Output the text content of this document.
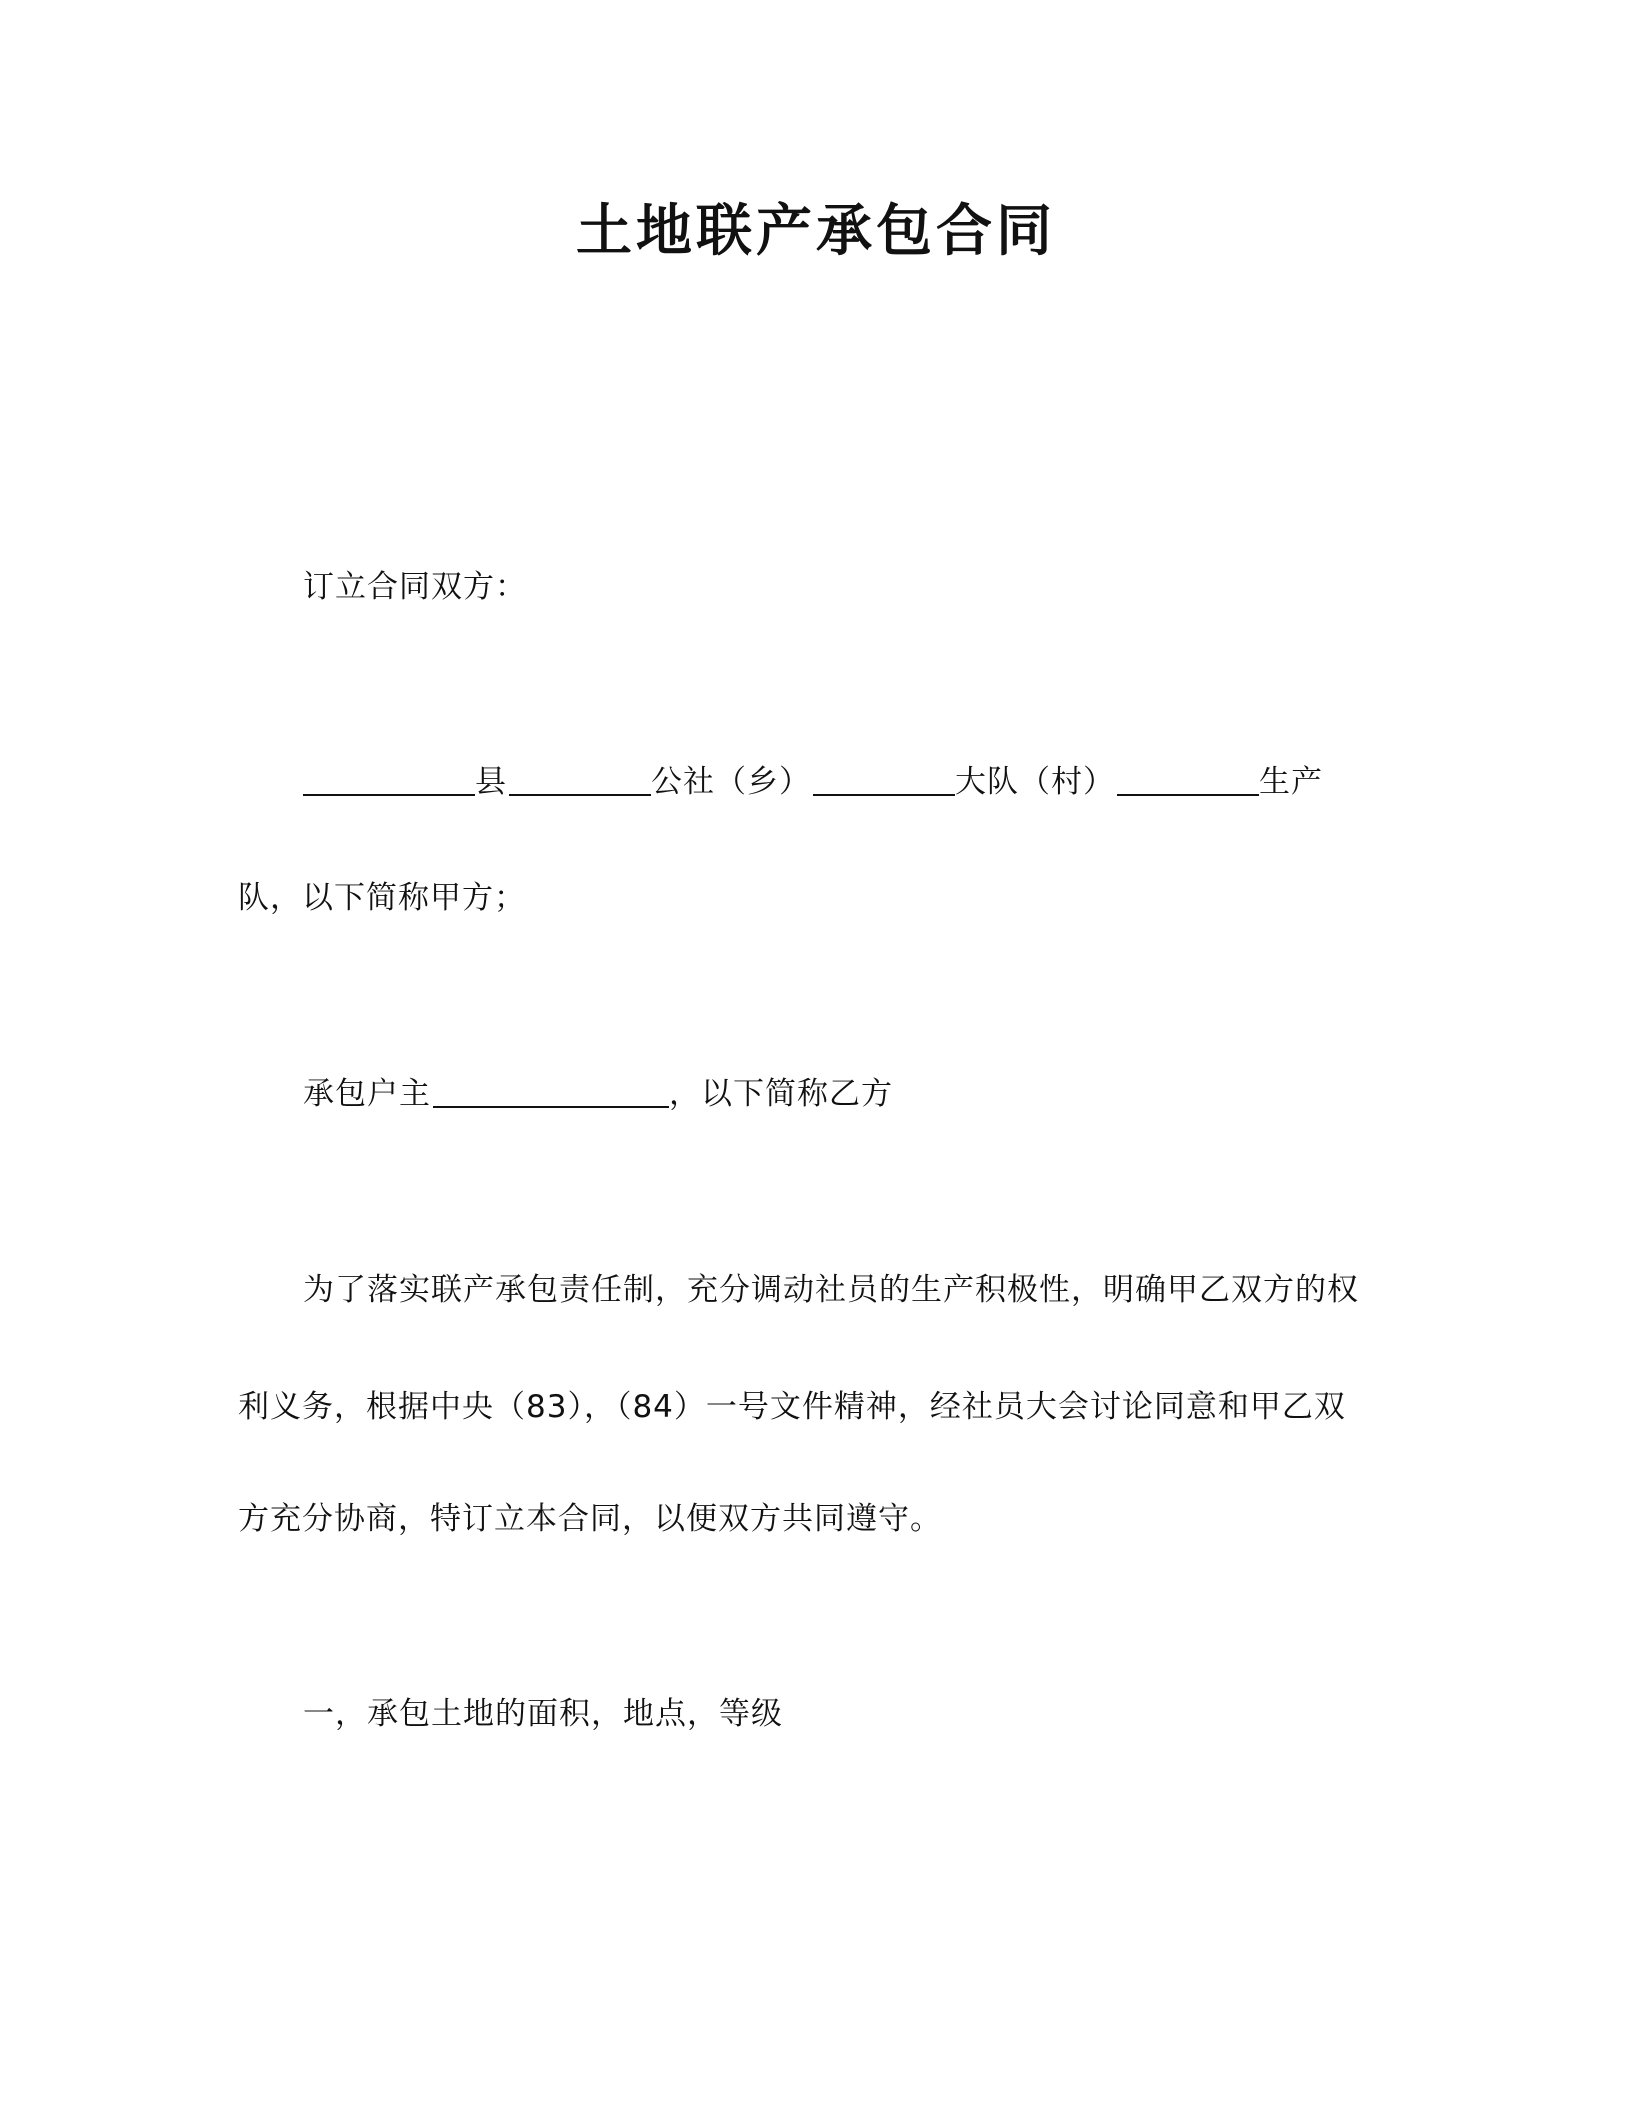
土地联产承包合同
订立合同双方：
县	公社（乡）	大队（村）	生产
队，以下简称甲方；
承包户主	，以下简称乙方
为了落实联产承包责任制，充分调动社员的生产积极性，明确甲乙双方的权
利义务，根据中央（83），（84）一号文件精神，经社员大会讨论同意和甲乙双
方充分协商，特订立本合同，以便双方共同遵守。
一，承包土地的面积，地点，等级
